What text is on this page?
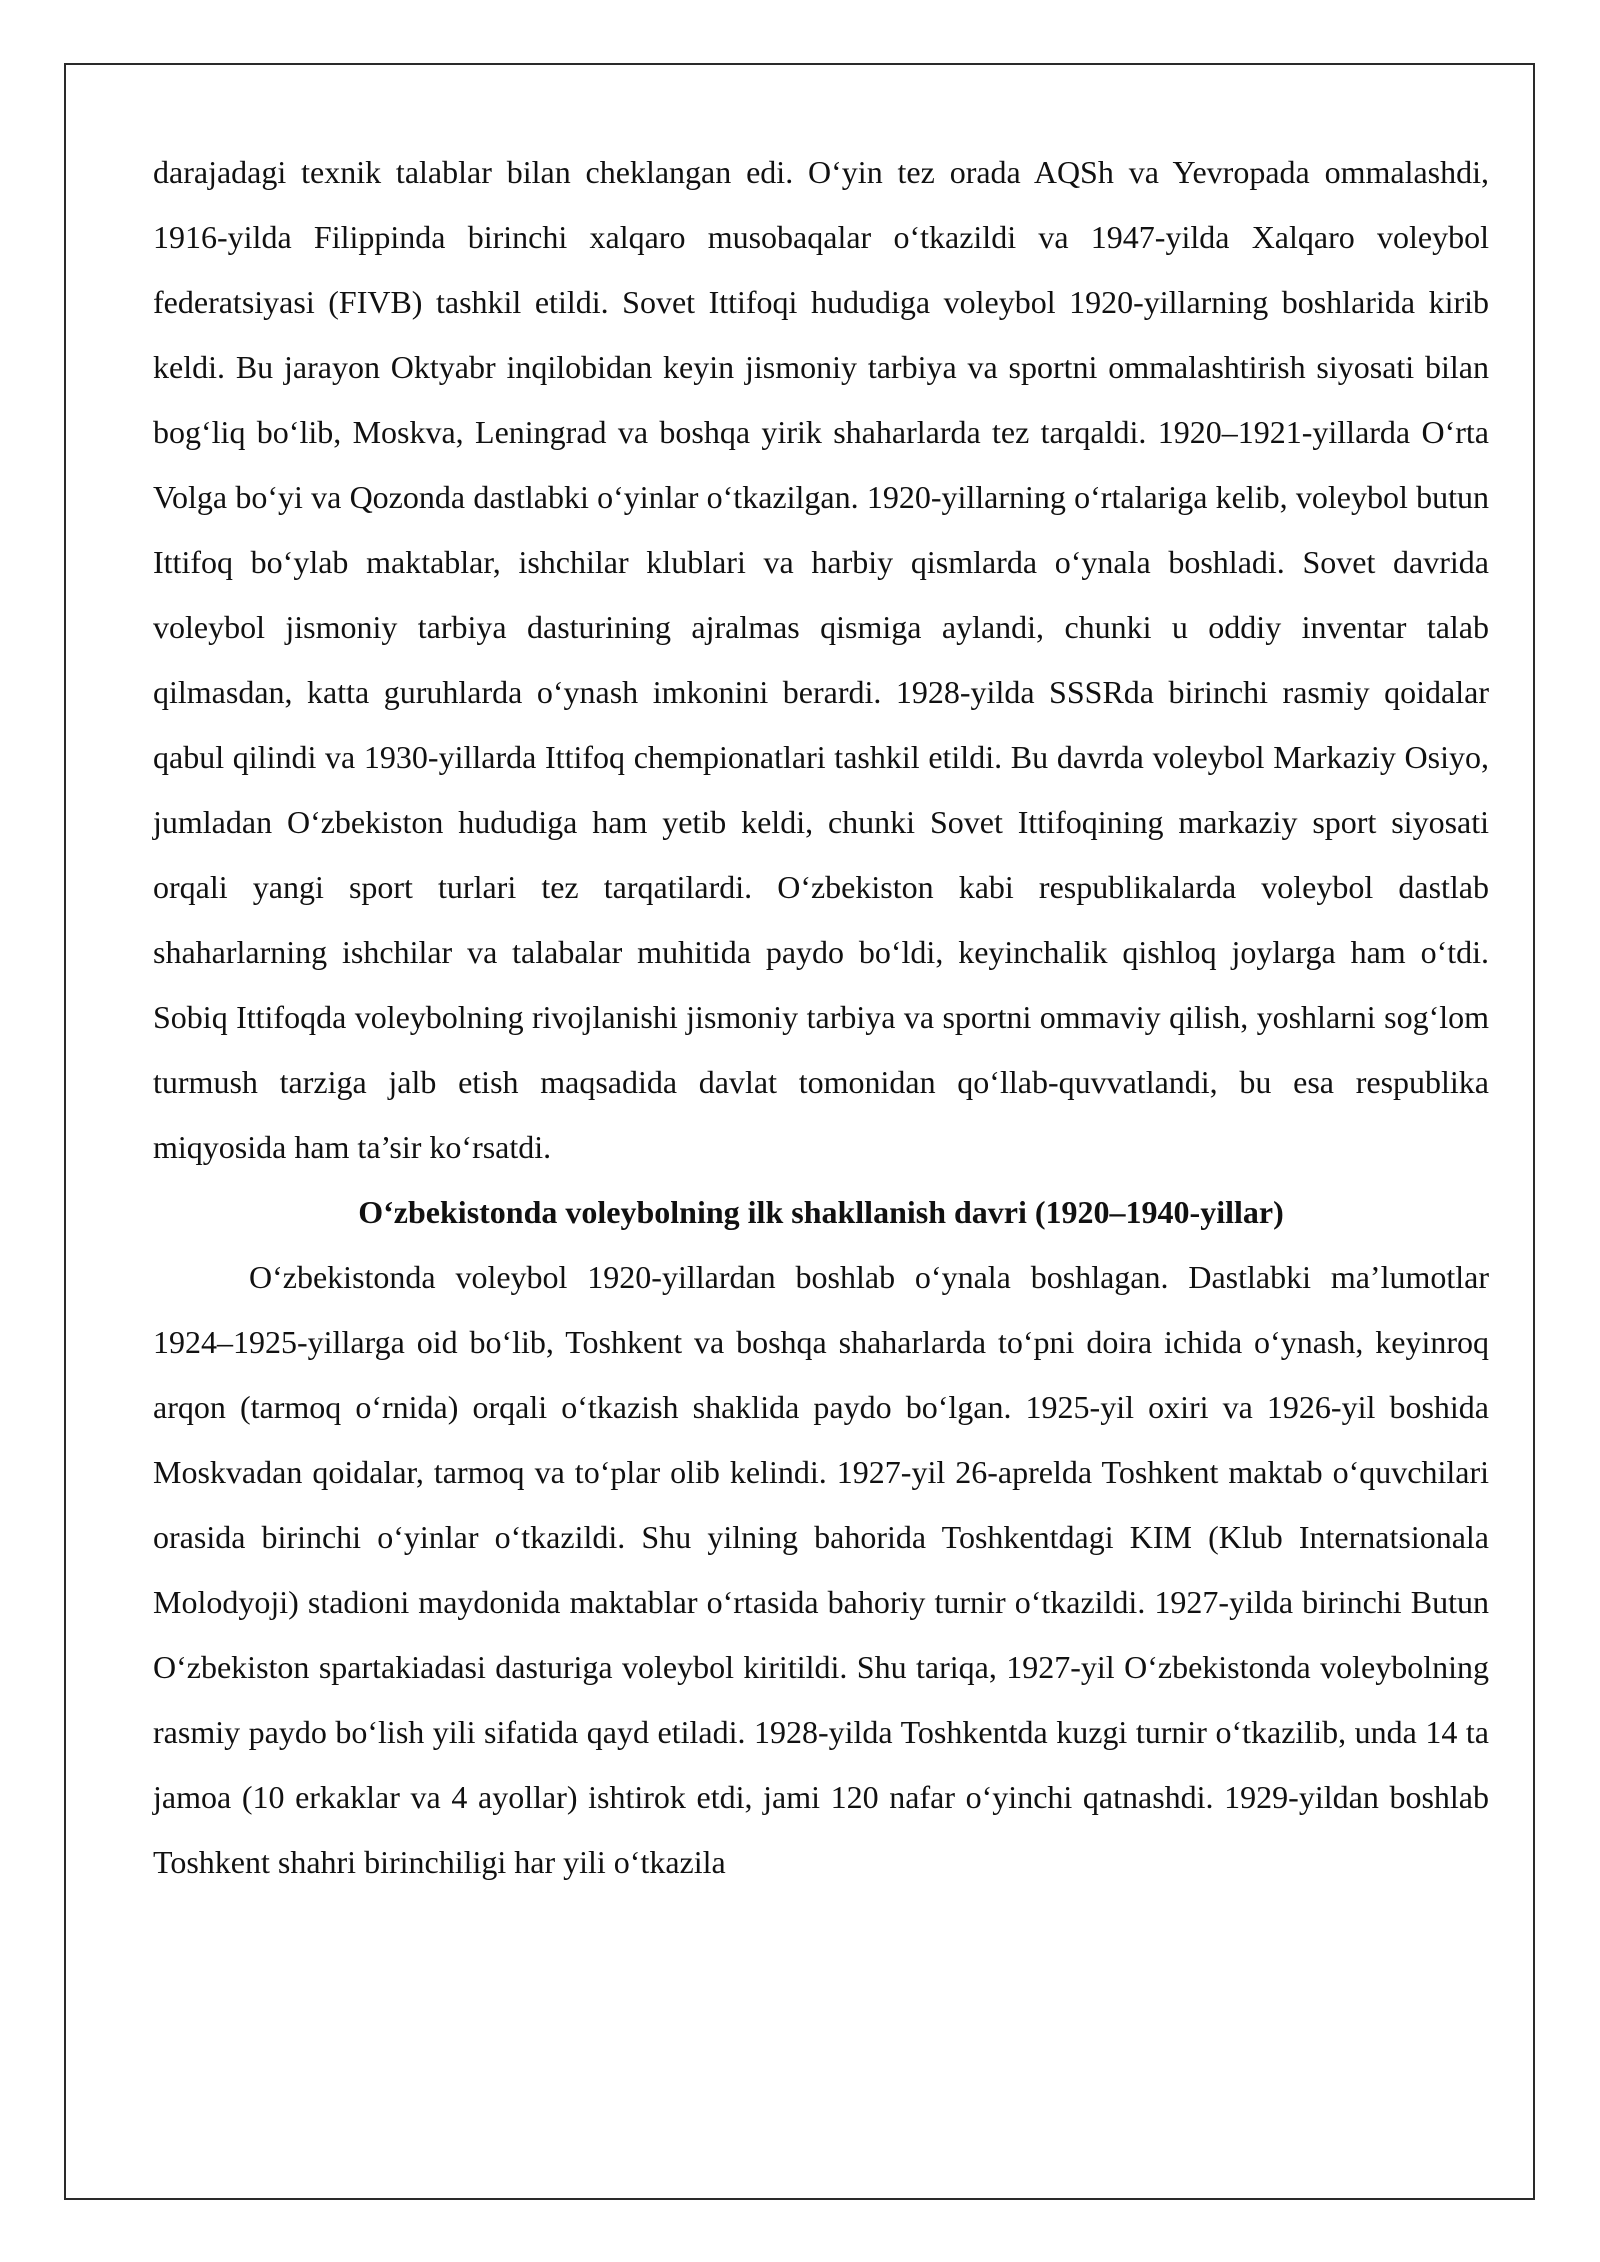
darajadagi texnik talablar bilan cheklangan edi. O‘yin tez orada AQSh va Yevropada ommalashdi, 1916-yilda Filippinda birinchi xalqaro musobaqalar o‘tkazildi va 1947-yilda Xalqaro voleybol federatsiyasi (FIVB) tashkil etildi. Sovet Ittifoqi hududiga voleybol 1920-yillarning boshlarida kirib keldi. Bu jarayon Oktyabr inqilobidan keyin jismoniy tarbiya va sportni ommalashtirish siyosati bilan bog‘liq bo‘lib, Moskva, Leningrad va boshqa yirik shaharlarda tez tarqaldi. 1920–1921-yillarda O‘rta Volga bo‘yi va Qozonda dastlabki o‘yinlar o‘tkazilgan. 1920-yillarning o‘rtalariga kelib, voleybol butun Ittifoq bo‘ylab maktablar, ishchilar klublari va harbiy qismlarda o‘ynala boshladi. Sovet davrida voleybol jismoniy tarbiya dasturining ajralmas qismiga aylandi, chunki u oddiy inventar talab qilmasdan, katta guruhlarda o‘ynash imkonini berardi. 1928-yilda SSSRda birinchi rasmiy qoidalar qabul qilindi va 1930-yillarda Ittifoq chempionatlari tashkil etildi. Bu davrda voleybol Markaziy Osiyo, jumladan O‘zbekiston hududiga ham yetib keldi, chunki Sovet Ittifoqining markaziy sport siyosati orqali yangi sport turlari tez tarqatilardi. O‘zbekiston kabi respublikalarda voleybol dastlab shaharlarning ishchilar va talabalar muhitida paydo bo‘ldi, keyinchalik qishloq joylarga ham o‘tdi. Sobiq Ittifoqda voleybolning rivojlanishi jismoniy tarbiya va sportni ommaviy qilish, yoshlarni sog‘lom turmush tarziga jalb etish maqsadida davlat tomonidan qo‘llab-quvvatlandi, bu esa respublika miqyosida ham ta’sir ko‘rsatdi.

O‘zbekistonda voleybolning ilk shakllanish davri (1920–1940-yillar)

O‘zbekistonda voleybol 1920-yillardan boshlab o‘ynala boshlagan. Dastlabki ma’lumotlar 1924–1925-yillarga oid bo‘lib, Toshkent va boshqa shaharlarda to‘pni doira ichida o‘ynash, keyinroq arqon (tarmoq o‘rnida) orqali o‘tkazish shaklida paydo bo‘lgan. 1925-yil oxiri va 1926-yil boshida Moskvadan qoidalar, tarmoq va to‘plar olib kelindi. 1927-yil 26-aprelda Toshkent maktab o‘quvchilari orasida birinchi o‘yinlar o‘tkazildi. Shu yilning bahorida Toshkentdagi KIM (Klub Internatsionala Molodyoji) stadioni maydonida maktablar o‘rtasida bahoriy turnir o‘tkazildi. 1927-yilda birinchi Butun O‘zbekiston spartakiadasi dasturiga voleybol kiritildi. Shu tariqa, 1927-yil O‘zbekistonda voleybolning rasmiy paydo bo‘lish yili sifatida qayd etiladi. 1928-yilda Toshkentda kuzgi turnir o‘tkazilib, unda 14 ta jamoa (10 erkaklar va 4 ayollar) ishtirok etdi, jami 120 nafar o‘yinchi qatnashdi. 1929-yildan boshlab Toshkent shahri birinchiligi har yili o‘tkazila
